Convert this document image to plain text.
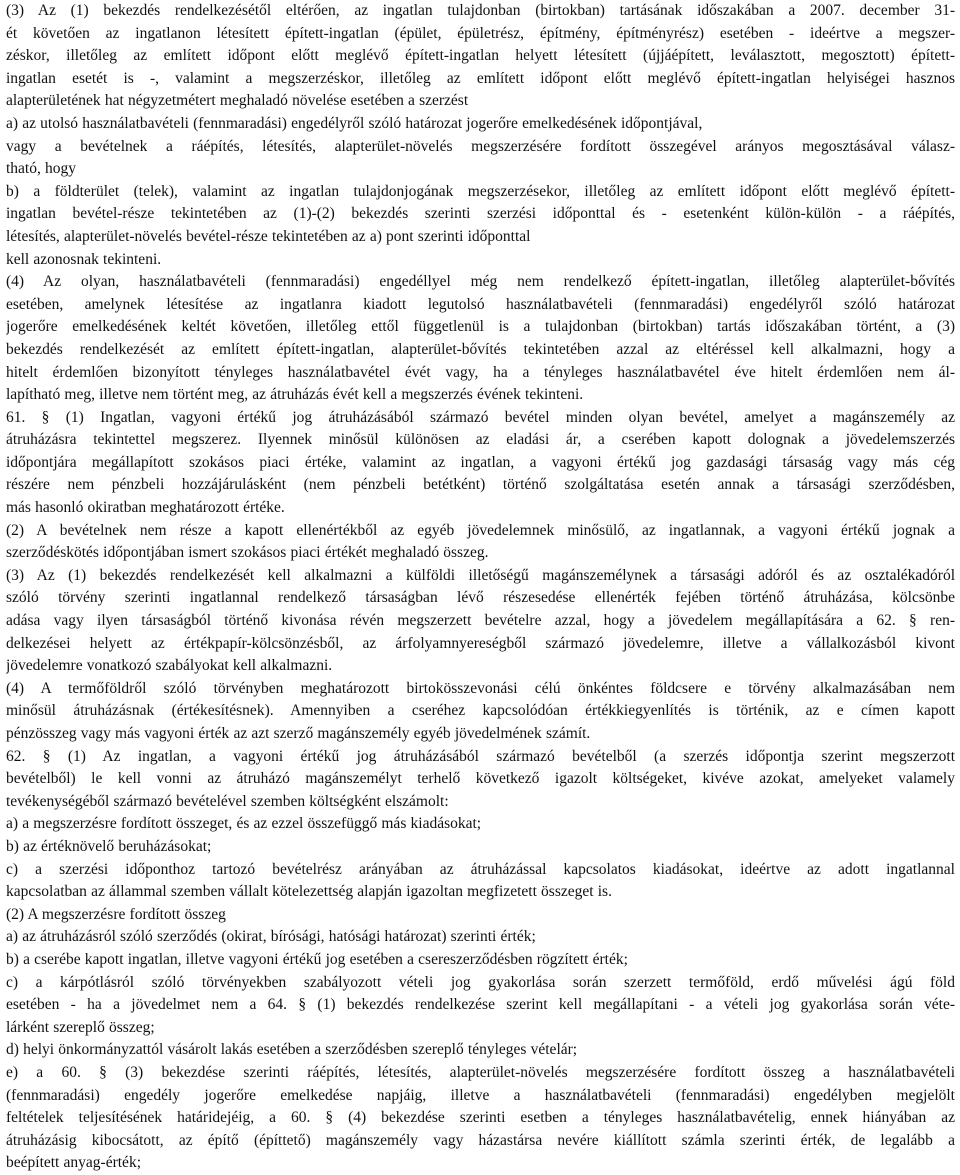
(3) Az (1) bekezdés rendelkezésétől eltérően, az ingatlan tulajdonban (birtokban) tartásának időszakában a 2007. december 31-
ét követően az ingatlanon létesített épített-ingatlan (épület, épületrész, építmény, építményrész) esetében - ideértve a megszer-
zéskor, illetőleg az említett időpont előtt meglévő épített-ingatlan helyett létesített (újjáépített, leválasztott, megosztott) épített-
ingatlan esetét is -, valamint a megszerzéskor, illetőleg az említett időpont előtt meglévő épített-ingatlan helyiségei hasznos
alapterületének hat négyzetmétert meghaladó növelése esetében a szerzést
a) az utolsó használatbavételi (fennmaradási) engedélyről szóló határozat jogerőre emelkedésének időpontjával,
vagy a bevételnek a ráépítés, létesítés, alapterület-növelés megszerzésére fordított összegével arányos megosztásával válasz-
tható, hogy
b) a földterület (telek), valamint az ingatlan tulajdonjogának megszerzésekor, illetőleg az említett időpont előtt meglévő épített-
ingatlan bevétel-része tekintetében az (1)-(2) bekezdés szerinti szerzési időponttal és - esetenként külön-külön - a ráépítés,
létesítés, alapterület-növelés bevétel-része tekintetében az a) pont szerinti időponttal
kell azonosnak tekinteni.
(4) Az olyan, használatbavételi (fennmaradási) engedéllyel még nem rendelkező épített-ingatlan, illetőleg alapterület-bővítés
esetében, amelynek létesítése az ingatlanra kiadott legutolsó használatbavételi (fennmaradási) engedélyről szóló határozat
jogerőre emelkedésének keltét követően, illetőleg ettől függetlenül is a tulajdonban (birtokban) tartás időszakában történt, a (3)
bekezdés rendelkezését az említett épített-ingatlan, alapterület-bővítés tekintetében azzal az eltéréssel kell alkalmazni, hogy a
hitelt érdemlően bizonyított tényleges használatbavétel évét vagy, ha a tényleges használatbavétel éve hitelt érdemlően nem ál-
lapítható meg, illetve nem történt meg, az átruházás évét kell a megszerzés évének tekinteni.
61. § (1) Ingatlan, vagyoni értékű jog átruházásából származó bevétel minden olyan bevétel, amelyet a magánszemély az
átruházásra tekintettel megszerez. Ilyennek minősül különösen az eladási ár, a cserében kapott dolognak a jövedelemszerzés
időpontjára megállapított szokásos piaci értéke, valamint az ingatlan, a vagyoni értékű jog gazdasági társaság vagy más cég
részére nem pénzbeli hozzájárulásként (nem pénzbeli betétként) történő szolgáltatása esetén annak a társasági szerződésben,
más hasonló okiratban meghatározott értéke.
(2) A bevételnek nem része a kapott ellenértékből az egyéb jövedelemnek minősülő, az ingatlannak, a vagyoni értékű jognak a
szerződéskötés időpontjában ismert szokásos piaci értékét meghaladó összeg.
(3) Az (1) bekezdés rendelkezését kell alkalmazni a külföldi illetőségű magánszemélynek a társasági adóról és az osztalékadóról
szóló törvény szerinti ingatlannal rendelkező társaságban lévő részesedése ellenérték fejében történő átruházása, kölcsönbe
adása vagy ilyen társaságból történő kivonása révén megszerzett bevételre azzal, hogy a jövedelem megállapítására a 62. § ren-
delkezései helyett az értékpapír-kölcsönzésből, az árfolyamnyereségből származó jövedelemre, illetve a vállalkozásból kivont
jövedelemre vonatkozó szabályokat kell alkalmazni.
(4) A termőföldről szóló törvényben meghatározott birtokösszevonási célú önkéntes földcsere e törvény alkalmazásában nem
minősül átruházásnak (értékesítésnek). Amennyiben a cseréhez kapcsolódóan értékkiegyenlítés is történik, az e címen kapott
pénzösszeg vagy más vagyoni érték az azt szerző magánszemély egyéb jövedelmének számít.
62. § (1) Az ingatlan, a vagyoni értékű jog átruházásából származó bevételből (a szerzés időpontja szerint megszerzott
bevételből) le kell vonni az átruházó magánszemélyt terhelő következő igazolt költségeket, kivéve azokat, amelyeket valamely
tevékenységéből származó bevételével szemben költségként elszámolt:
a) a megszerzésre fordított összeget, és az ezzel összefüggő más kiadásokat;
b) az értéknövelő beruházásokat;
c) a szerzési időponthoz tartozó bevételrész arányában az átruházással kapcsolatos kiadásokat, ideértve az adott ingatlannal
kapcsolatban az állammal szemben vállalt kötelezettség alapján igazoltan megfizetett összeget is.
(2) A megszerzésre fordított összeg
a) az átruházásról szóló szerződés (okirat, bírósági, hatósági határozat) szerinti érték;
b) a cserébe kapott ingatlan, illetve vagyoni értékű jog esetében a csereszerződésben rögzített érték;
c) a kárpótlásról szóló törvényekben szabályozott vételi jog gyakorlása során szerzett termőföld, erdő művelési ágú föld
esetében - ha a jövedelmet nem a 64. § (1) bekezdés rendelkezése szerint kell megállapítani - a vételi jog gyakorlása során véte-
lárként szereplő összeg;
d) helyi önkormányzattól vásárolt lakás esetében a szerződésben szereplő tényleges vételár;
e) a 60. § (3) bekezdése szerinti ráépítés, létesítés, alapterület-növelés megszerzésére fordított összeg a használatbavételi
(fennmaradási) engedély jogerőre emelkedése napjáig, illetve a használatbavételi (fennmaradási) engedélyben megjelölt
feltételek teljesítésének határidejéig, a 60. § (4) bekezdése szerinti esetben a tényleges használatbavételig, ennek hiányában az
átruházásig kibocsátott, az építő (építtető) magánszemély vagy házastársa nevére kiállított számla szerinti érték, de legalább a
beépített anyag-érték;
